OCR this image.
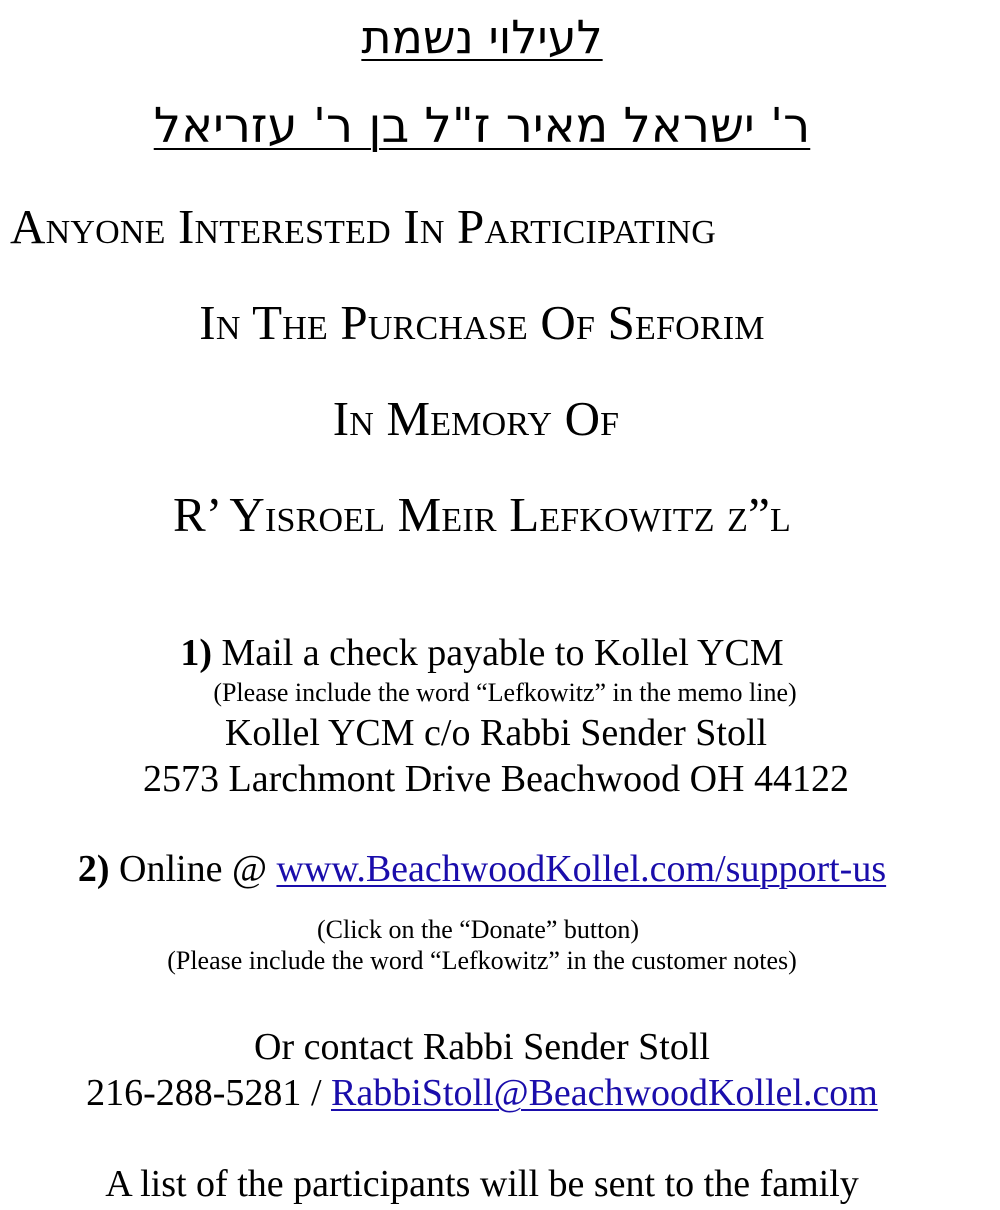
לעילוי נשמת
ר' ישראל מאיר ז"ל בן ר' עזריאל
Anyone Interested In Participating
In The Purchase Of Seforim
In Memory Of
R’ Yisroel Meir Lefkowitz z”l
1) Mail a check payable to Kollel YCM
(Please include the word “Lefkowitz” in the memo line)
Kollel YCM c/o Rabbi Sender Stoll
2573 Larchmont Drive Beachwood OH 44122
2) Online @ www.BeachwoodKollel.com/support-us
(Click on the “Donate” button)
(Please include the word “Lefkowitz” in the customer notes)
Or contact Rabbi Sender Stoll
216-288-5281 / RabbiStoll@BeachwoodKollel.com
A list of the participants will be sent to the family
